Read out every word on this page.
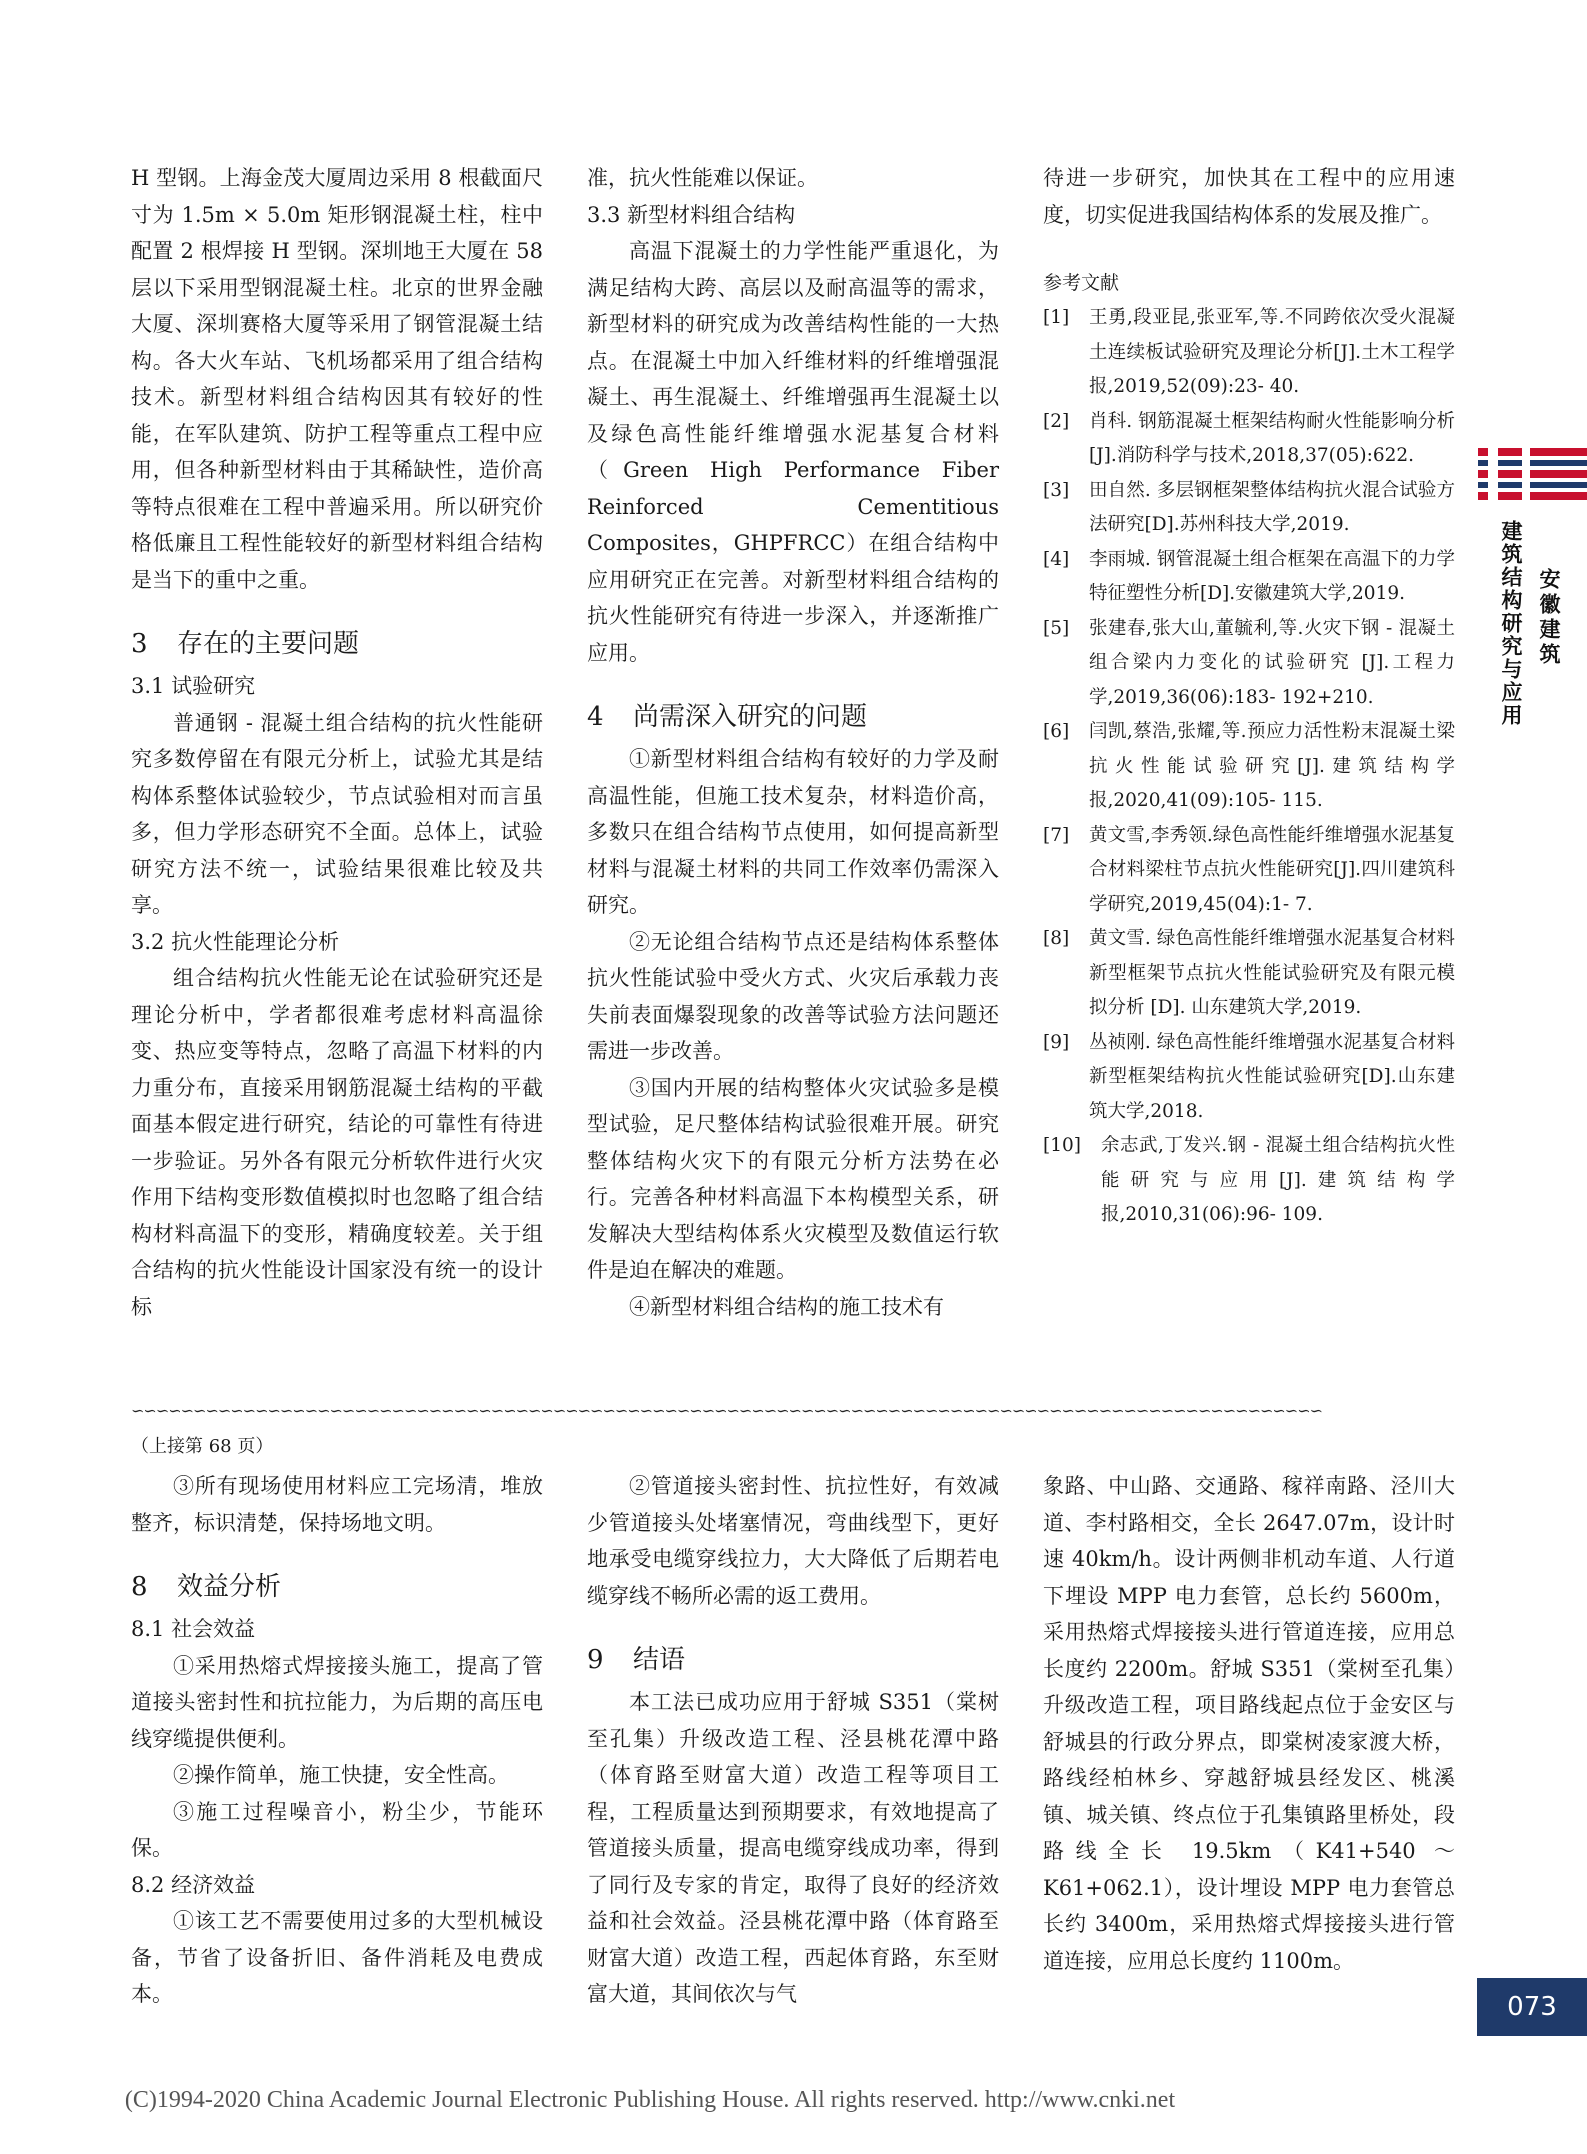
H 型钢。上海金茂大厦周边采用 8 根截面尺寸为 1.5m × 5.0m 矩形钢混凝土柱，柱中配置 2 根焊接 H 型钢。深圳地王大厦在 58 层以下采用型钢混凝土柱。北京的世界金融大厦、深圳赛格大厦等采用了钢管混凝土结构。各大火车站、飞机场都采用了组合结构技术。新型材料组合结构因其有较好的性能，在军队建筑、防护工程等重点工程中应用，但各种新型材料由于其稀缺性，造价高等特点很难在工程中普遍采用。所以研究价格低廉且工程性能较好的新型材料组合结构是当下的重中之重。

3 存在的主要问题
3.1 试验研究

普通钢 - 混凝土组合结构的抗火性能研究多数停留在有限元分析上，试验尤其是结构体系整体试验较少，节点试验相对而言虽多，但力学形态研究不全面。总体上，试验研究方法不统一，试验结果很难比较及共享。

3.2 抗火性能理论分析

组合结构抗火性能无论在试验研究还是理论分析中，学者都很难考虑材料高温徐变、热应变等特点，忽略了高温下材料的内力重分布，直接采用钢筋混凝土结构的平截面基本假定进行研究，结论的可靠性有待进一步验证。另外各有限元分析软件进行火灾作用下结构变形数值模拟时也忽略了组合结构材料高温下的变形，精确度较差。关于组合结构的抗火性能设计国家没有统一的设计标

准，抗火性能难以保证。

3.3 新型材料组合结构

高温下混凝土的力学性能严重退化，为满足结构大跨、高层以及耐高温等的需求，新型材料的研究成为改善结构性能的一大热点。在混凝土中加入纤维材料的纤维增强混凝土、再生混凝土、纤维增强再生混凝土以及绿色高性能纤维增强水泥基复合材料（Green High Performance Fiber Reinforced Cementitious Composites，GHPFRCC）在组合结构中应用研究正在完善。对新型材料组合结构的抗火性能研究有待进一步深入，并逐渐推广应用。

4 尚需深入研究的问题

①新型材料组合结构有较好的力学及耐高温性能，但施工技术复杂，材料造价高，多数只在组合结构节点使用，如何提高新型材料与混凝土材料的共同工作效率仍需深入研究。

②无论组合结构节点还是结构体系整体抗火性能试验中受火方式、火灾后承载力丧失前表面爆裂现象的改善等试验方法问题还需进一步改善。

③国内开展的结构整体火灾试验多是模型试验，足尺整体结构试验很难开展。研究整体结构火灾下的有限元分析方法势在必行。完善各种材料高温下本构模型关系，研发解决大型结构体系火灾模型及数值运行软件是迫在解决的难题。

④新型材料组合结构的施工技术有

待进一步研究，加快其在工程中的应用速度，切实促进我国结构体系的发展及推广。

参考文献
[1]	王勇,段亚昆,张亚军,等.不同跨依次受火混凝土连续板试验研究及理论分析[J].土木工程学报,2019,52(09):23- 40.
[2]	肖科. 钢筋混凝土框架结构耐火性能影响分析[J].消防科学与技术,2018,37(05):622.
[3]	田自然. 多层钢框架整体结构抗火混合试验方法研究[D].苏州科技大学,2019.
[4]	李雨城. 钢管混凝土组合框架在高温下的力学特征塑性分析[D].安徽建筑大学,2019.
[5]	张建春,张大山,董毓利,等.火灾下钢 - 混凝土组合梁内力变化的试验研究 [J].工程力学,2019,36(06):183- 192+210.
[6]	闫凯,蔡浩,张耀,等.预应力活性粉末混凝土梁抗火性能试验研究[J].建筑结构学报,2020,41(09):105- 115.
[7]	黄文雪,李秀领.绿色高性能纤维增强水泥基复合材料梁柱节点抗火性能研究[J].四川建筑科学研究,2019,45(04):1- 7.
[8]	黄文雪. 绿色高性能纤维增强水泥基复合材料新型框架节点抗火性能试验研究及有限元模拟分析 [D]. 山东建筑大学,2019.
[9]	丛祯刚. 绿色高性能纤维增强水泥基复合材料新型框架结构抗火性能试验研究[D].山东建筑大学,2018.
[10]	余志武,丁发兴.钢 - 混凝土组合结构抗火性能研究与应用[J].建筑结构学报,2010,31(06):96- 109.
∽∽∽∽∽∽∽∽∽∽∽∽∽∽∽∽∽∽∽∽∽∽∽∽∽∽∽∽∽∽∽∽∽∽∽∽∽∽∽∽∽∽∽∽∽∽∽∽∽∽∽∽∽∽∽∽∽∽∽∽∽∽∽∽∽∽∽∽∽∽∽∽∽∽∽∽∽∽∽∽∽∽∽∽∽∽∽∽∽∽∽∽∽∽∽∽
（上接第 68 页）

③所有现场使用材料应工完场清，堆放整齐，标识清楚，保持场地文明。

8 效益分析
8.1 社会效益

①采用热熔式焊接接头施工，提高了管道接头密封性和抗拉能力，为后期的高压电线穿缆提供便利。

②操作简单，施工快捷，安全性高。

③施工过程噪音小，粉尘少，节能环保。

8.2 经济效益

①该工艺不需要使用过多的大型机械设备，节省了设备折旧、备件消耗及电费成本。

②管道接头密封性、抗拉性好，有效减少管道接头处堵塞情况，弯曲线型下，更好地承受电缆穿线拉力，大大降低了后期若电缆穿线不畅所必需的返工费用。

9 结语

本工法已成功应用于舒城 S351（棠树至孔集）升级改造工程、泾县桃花潭中路（体育路至财富大道）改造工程等项目工程，工程质量达到预期要求，有效地提高了管道接头质量，提高电缆穿线成功率，得到了同行及专家的肯定，取得了良好的经济效益和社会效益。泾县桃花潭中路（体育路至财富大道）改造工程，西起体育路，东至财富大道，其间依次与气

象路、中山路、交通路、稼祥南路、泾川大道、李村路相交，全长 2647.07m，设计时速 40km/h。设计两侧非机动车道、人行道下埋设 MPP 电力套管，总长约 5600m，采用热熔式焊接接头进行管道连接，应用总长度约 2200m。舒城 S351（棠树至孔集）升级改造工程，项目路线起点位于金安区与舒城县的行政分界点，即棠树凌家渡大桥，路线经柏林乡、穿越舒城县经发区、桃溪镇、城关镇、终点位于孔集镇路里桥处，段路线全长 19.5km（K41+540 ～K61+062.1），设计埋设 MPP 电力套管总长约 3400m，采用热熔式焊接接头进行管道连接，应用总长度约 1100m。

建筑结构研究与应用 安徽建筑
073
(C)1994-2020 China Academic Journal Electronic Publishing House. All rights reserved. http://www.cnki.net
